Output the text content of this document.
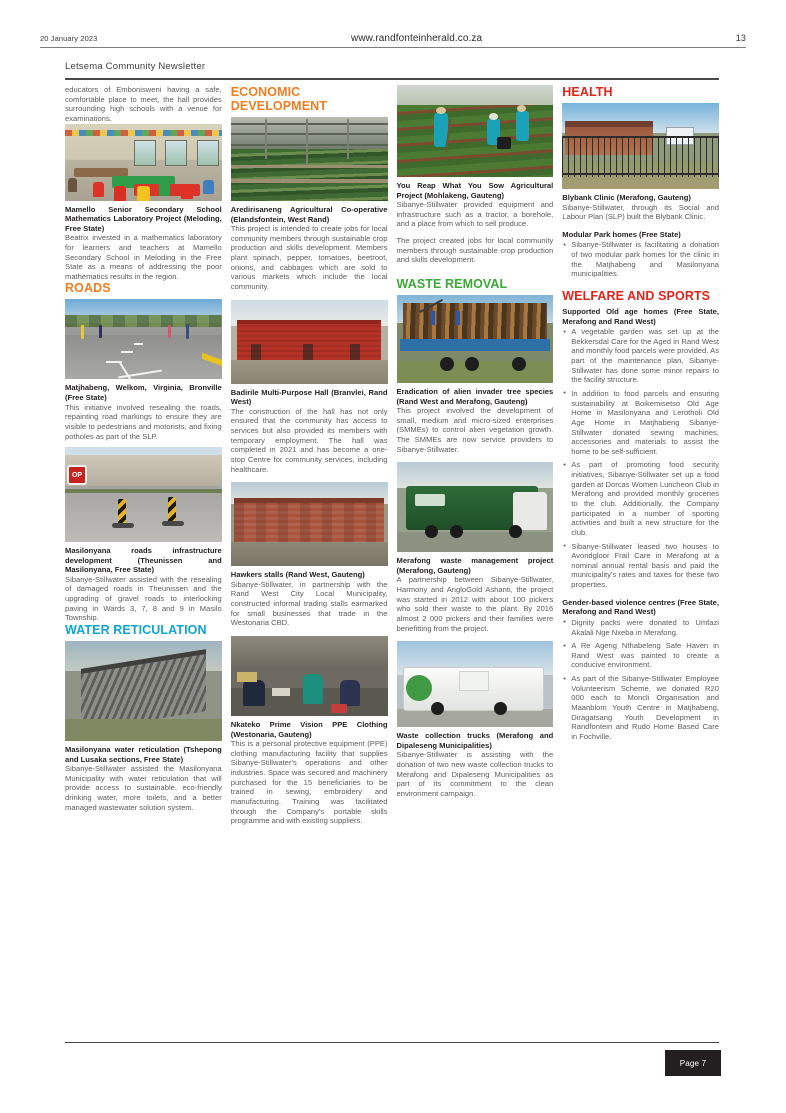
20 January 2023	www.randfonteinherald.co.za	13
Letsema Community Newsletter

educators of Embonisweni having a safe, comfortable place to meet, the hall provides surrounding high schools with a venue for examinations.

Mamello Senior Secondary School Mathematics Laboratory Project (Meloding, Free State)

Beatrix invested in a mathematics laboratory for learners and teachers at Mamello Secondary School in Meloding in the Free State as a means of addressing the poor mathematics results in the region.

ROADS
Matjhabeng, Welkom, Virginia, Bronville (Free State)

This initiative involved resealing the roads, repainting road markings to ensure they are visible to pedestrians and motorists, and fixing potholes as part of the SLP.

OP
Masilonyana roads infrastructure development (Theunissen and Masilonyana, Free State)

Sibanye-Stillwater assisted with the resealing of damaged roads in Theunissen and the upgrading of gravel roads to interlocking paving in Wards 3, 7, 8 and 9 in Masilo Township.

WATER RETICULATION
Masilonyana water reticulation (Tshepong and Lusaka sections, Free State)

Sibanye-Stillwater assisted the Masilonyana Municipality with water reticulation that will provide access to sustainable, eco-friendly drinking water, more toilets, and a better managed wastewater solution system.

ECONOMIC DEVELOPMENT
Aredirisaneng Agricultural Co-operative (Elandsfontein, West Rand)

This project is intended to create jobs for local community members through sustainable crop production and skills development. Members plant spinach, pepper, tomatoes, beetroot, onions, and cabbages which are sold to various markets which include the local community.

Badirile Multi-Purpose Hall (Branvlei, Rand West)

The construction of the hall has not only ensured that the community has access to services but also provided its members with temporary employment. The hall was completed in 2021 and has become a one-stop Centre for community services, including healthcare.

Hawkers stalls (Rand West, Gauteng)

Sibanye-Stillwater, in partnership with the Rand West City Local Municipality, constructed informal trading stalls earmarked for small businesses that trade in the Westonaria CBD.

Nkateko Prime Vision PPE Clothing (Westonaria, Gauteng)

This is a personal protective equipment (PPE) clothing manufacturing facility that supplies Sibanye-Stillwater's operations and other industries. Space was secured and machinery purchased for the 15 beneficiaries to be trained in sewing, embroidery and manufacturing. Training was facilitated through the Company's portable skills programme and with existing suppliers.

You Reap What You Sow Agricultural Project (Mohlakeng, Gauteng)

Sibanye-Stillwater provided equipment and infrastructure such as a tractor, a borehole, and a place from which to sell produce.

The project created jobs for local community members through sustainable crop production and skills development.

WASTE REMOVAL
Eradication of alien invader tree species (Rand West and Merafong, Gauteng)

This project involved the development of small, medium and micro-sized enterprises (SMMEs) to control alien vegetation growth. The SMMEs are now service providers to Sibanye-Stillwater.

Merafong waste management project (Merafong, Gauteng)

A partnership between Sibanye-Stillwater, Harmony and AngloGold Ashanti, the project was started in 2012 with about 100 pickers who sold their waste to the plant. By 2016 almost 2 000 pickers and their families were benefitting from the project.

Waste collection trucks (Merafong and Dipaleseng Municipalities)

Sibanye-Stillwater is assisting with the donation of two new waste collection trucks to Merafong and Dipaleseng Municipalities as part of its commitment to the clean environment campaign.

HEALTH
Blybank Clinic (Merafong, Gauteng)

Sibanye-Stillwater, through its Social and Labour Plan (SLP) built the Blybank Clinic.

Modular Park homes (Free State)
• Sibanye-Stillwater is facilitating a donation of two modular park homes for the clinic in the Matjhabeng and Masilonyana municipalities.
WELFARE AND SPORTS
Supported Old age homes (Free State, Merafong and Rand West)
• A vegetable garden was set up at the Bekkersdal Care for the Aged in Rand West and monthly food parcels were provided. As part of the maintenance plan, Sibanye-Stillwater has done some minor repairs to the facility structure.
• In addition to food parcels and ensuring sustainability at Boikemisetso Old Age Home in Masilonyana and Lerotholi Old Age Home in Matjhabeng Sibanye-Stillwater donated sewing machines, accessories and materials to assist the home to be self-sufficient.
• As part of promoting food security initiatives, Sibanye-Stillwater set up a food garden at Dorcas Women Luncheon Club in Merafong and provided monthly groceries to the club. Additionally, the Company participated in a number of sporting activities and built a new structure for the club.
• Sibanye-Stillwater leased two houses to Avondgloor Frail Care in Merafong at a nominal annual rental basis and paid the municipality's rates and taxes for these two properties.
Gender-based violence centres (Free State, Merafong and Rand West)
• Dignity packs were donated to Umfazi Akalali Nge Nxeba in Merafong.
• A Re Ageng Nthabeleng Safe Haven in Rand West was painted to create a conducive environment.
• As part of the Sibanye-Stillwater Employee Volunteerism Scheme, we donated R20 000 each to Moncli Organisation and Maanblom Youth Centre in Matjhabeng, Diragatsang Youth Development in Randfontein and Rudo Home Based Care in Fochville.
Page 7
